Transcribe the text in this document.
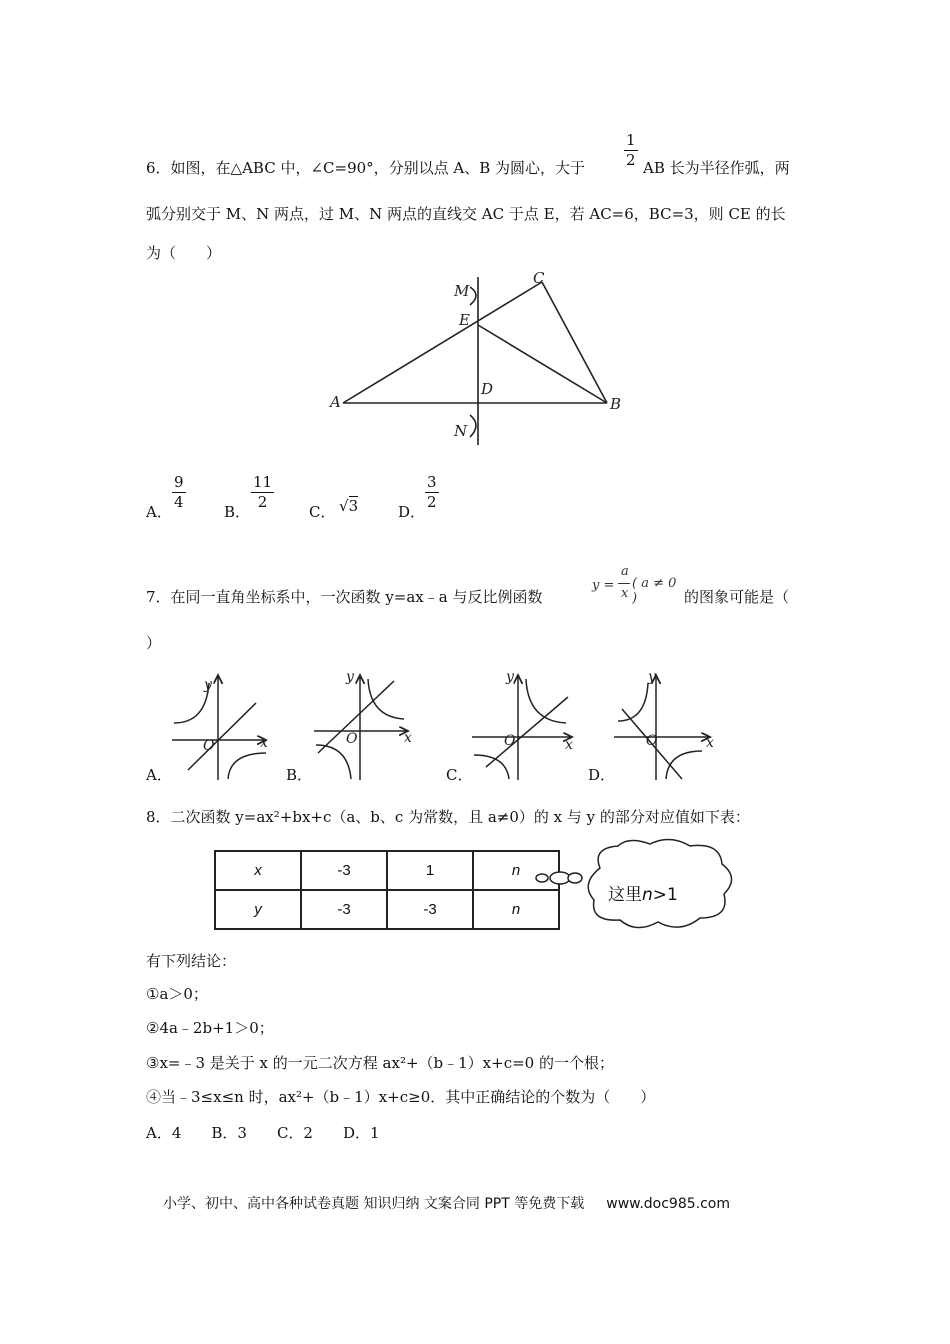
6．如图，在△ABC 中，∠C=90°，分别以点 A、B 为圆心，大于
1
2 AB 长为半径作弧，两
弧分别交于 M、N 两点，过 M、N 两点的直线交 AC 于点 E，若 AC=6，BC=3，则 CE 的长
为（　　）
M
E
C
D
A	B
N
A．
9
4
B．
11
2
C． √3	D．
3
2
7．在同一直角坐标系中，一次函数 y=ax﹣a 与反比例函数
y =
a
x
( a ≠ 0 )	的图象可能是（
）
y
x
O
y
x
O
y
x
O
y
x
O
A．	B．	C．	D．
8．二次函数 y=ax²+bx+c（a、b、c 为常数，且 a≠0）的 x 与 y 的部分对应值如下表：
x	-3	1	n
y	-3	-3	n
这里n>1
有下列结论：
①a＞0；
②4a﹣2b+1＞0；
③x=﹣3 是关于 x 的一元二次方程 ax²+（b﹣1）x+c=0 的一个根；
④当﹣3≤x≤n 时，ax²+（b﹣1）x+c≥0．其中正确结论的个数为（　　）
A．4　　B．3　　C．2　　D．1
小学、初中、高中各种试卷真题 知识归纳 文案合同 PPT 等免费下载 www.doc985.com
